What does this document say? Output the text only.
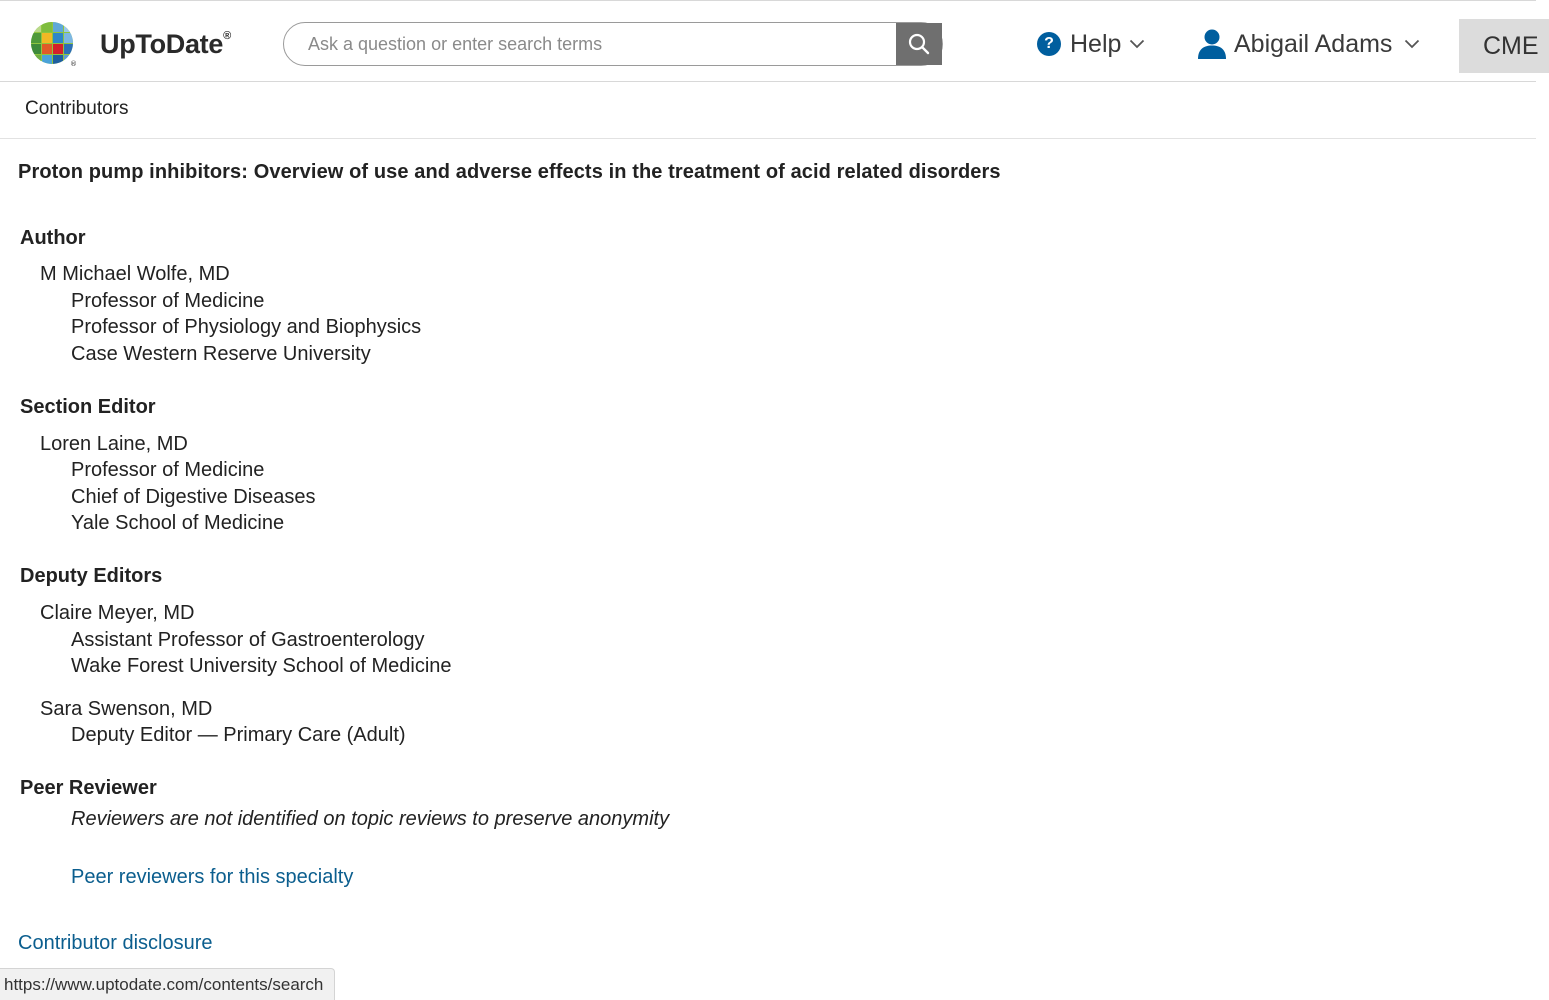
®
UpToDate®
Ask a question or enter search terms	? Help	Abigail Adams	CME
Contributors
Proton pump inhibitors: Overview of use and adverse effects in the treatment of acid related disorders
Author
M Michael Wolfe, MD
Professor of Medicine
Professor of Physiology and Biophysics
Case Western Reserve University
Section Editor
Loren Laine, MD
Professor of Medicine
Chief of Digestive Diseases
Yale School of Medicine
Deputy Editors
Claire Meyer, MD
Assistant Professor of Gastroenterology
Wake Forest University School of Medicine
Sara Swenson, MD
Deputy Editor — Primary Care (Adult)
Peer Reviewer
Reviewers are not identified on topic reviews to preserve anonymity
Peer reviewers for this specialty
Contributor disclosure
https://www.uptodate.com/contents/search
